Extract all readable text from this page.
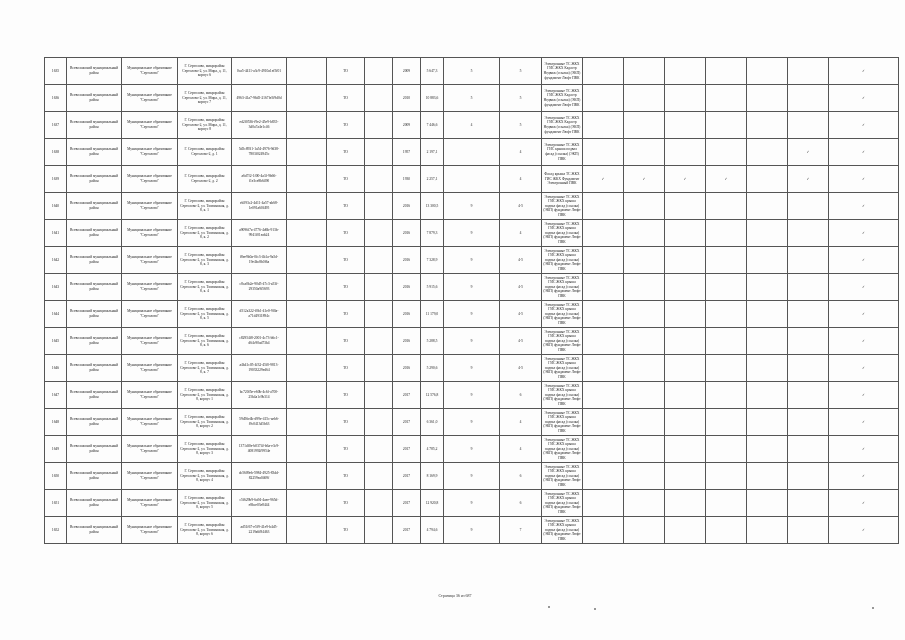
1635	Всеволожский муниципальный район	Муниципальное образование "Сертолово"	Г. Сертолово, микрорайон Сертолово-2, ул. Мира, д. 11, корпус 6	0ca5-4411-a3c9-4910a1ef5f01		ТО		2009	5 647,3	5	5	Электронные ТС ЖКХ ГИС ЖКХ Кадастр Недвиж (ссылка) (ЭКП) фундамент Люфт ПВК							✓
1636	Всеволожский муниципальный район	Муниципальное образование "Сертолово"	Г. Сертолово, микрорайон Сертолово-2, ул. Мира, д. 11, корпус 7	4963-41a7-96d5-2167fe5f9d0d		ТО		2010	10 883,6	5	5	Электронные ТС ЖКХ ГИС ЖКХ Кадастр Недвиж (ссылка) (ЭКП) фундамент Люфт ПВК							✓
1637	Всеволожский муниципальный район	Муниципальное образование "Сертолово"	Г. Сертолово, микрорайон Сертолово-2, ул. Мира, д. 11, корпус 8	ed2f0536-f9e2-45e9-b835-3d0a7a4e1c46		ТО		2009	7 446,6	4	5	Электронные ТС ЖКХ ГИС ЖКХ Кадастр Недвиж (ссылка) (ЭКП) фундамент Люфт ПВК							✓
1638	Всеволожский муниципальный район	Муниципальное образование "Сертолово"	Г. Сертолово, микрорайон Сертолово-2, д. 1	5d5c8931-1a54-4976-9d38-7803f024945c		ТО		1957	2 197,1		4	Электронные ТС ЖКХ ГИС крыша подвал фасад (ссылка) (ЭКП) ПВК						✓	✓
1639	Всеволожский муниципальный район	Муниципальное образование "Сертолово"	Г. Сертолово, микрорайон Сертолово-2, д. 2	a6d7f2-1f00-4a3f-9b66-f1e3ce8b6490		ТО		1930	2 257,1		4	Фасад крыша ТС ЖКХ ГИС ЖКХ Фундамент Электронный ПВК	✓	✓	✓	✓		✓	✓
1640	Всеволожский муниципальный район	Муниципальное образование "Сертолово"	Г. Сертолово, микрорайон Сертолово-2, ул. Тихвинская, д. 8, к. 1	eb593c2-4d11-4a57-ab68-1e091a60f495		ТО		2016	13 300,5	9	4-5	Электронные ТС ЖКХ ГИС ЖКХ крыша подвал фасад (ссылка) (ЭКП) фундамент Люфт ПВК							✓
1641	Всеволожский муниципальный район	Муниципальное образование "Сертолово"	Г. Сертолово, микрорайон Сертолово-2, ул. Тихвинская, д. 8, к. 2	a9096f7a-4776-4d6b-913b-9941f01eab24		ТО		2016	7 879,3	9	4	Электронные ТС ЖКХ ГИС ЖКХ крыша подвал фасад (ссылка) (ЭКП) фундамент Люфт ПВК							✓
1642	Всеволожский муниципальный район	Муниципальное образование "Сертолово"	Г. Сертолово, микрорайон Сертолово-2, ул. Тихвинская, д. 8, к. 3	f8ee9b0a-0fc3-4b1a-9a5d-19e4bc8b0f6a		ТО		2016	7 328,9	9	4-5	Электронные ТС ЖКХ ГИС ЖКХ крыша подвал фасад (ссылка) (ЭКП) фундамент Люфт ПВК							✓
1643	Всеволожский муниципальный район	Муниципальное образование "Сертолово"	Г. Сертолово, микрорайон Сертолово-2, ул. Тихвинская, д. 8, к. 4	c8ca0b2e-90d5-47c3-a53f-29350a9f5693		ТО		2016	5 915,6	9	4-5	Электронные ТС ЖКХ ГИС ЖКХ крыша подвал фасад (ссылка) (ЭКП) фундамент Люфт ПВК							✓
1644	Всеволожский муниципальный район	Муниципальное образование "Сертолово"	Г. Сертолово, микрорайон Сертолово-2, ул. Тихвинская, д. 8, к. 5	d512a322-f0b1-41e0-9f0a-a71d4931894c		ТО		2016	11 179,0	9	4-5	Электронные ТС ЖКХ ГИС ЖКХ крыша подвал фасад (ссылка) (ЭКП) фундамент Люфт ПВК							✓
1645	Всеволожский муниципальный район	Муниципальное образование "Сертолово"	Г. Сертолово, микрорайон Сертолово-2, ул. Тихвинская, д. 8, к. 6	c82954f8-2001-4c73-b6c1-d64c90ad73b4		ТО		2016	5 288,5	9	4-5	Электронные ТС ЖКХ ГИС ЖКХ крыша подвал фасад (ссылка) (ЭКП) фундамент Люфт ПВК							✓
1646	Всеволожский муниципальный район	Муниципальное образование "Сертолово"	Г. Сертолово, микрорайон Сертолово-2, ул. Тихвинская, д. 8, к. 7	a4b41c05-4f32-45f0-9813-19033229ed64		ТО		2016	5 290,6	9	4-5	Электронные ТС ЖКХ ГИС ЖКХ крыша подвал фасад (ссылка) (ЭКП) фундамент Люфт ПВК							✓
1647	Всеволожский муниципальный район	Муниципальное образование "Сертолово"	Г. Сертолово, микрорайон Сертолово-2, ул. Тихвинская, д. 8, корпус 1	bc720f5e-e60b-4c6f-a700-25b4a1c9b314		ТО		2017	12 576,8	9	6	Электронные ТС ЖКХ ГИС ЖКХ крыша подвал фасад (ссылка) (ЭКП) фундамент Люфт ПВК							✓
1648	Всеволожский муниципальный район	Муниципальное образование "Сертолово"	Г. Сертолово, микрорайон Сертолово-2, ул. Тихвинская, д. 8, корпус 2	59d56e4b-d99e-415c-aeb6-f9c0413d5b63		ТО		2017	6 361,0	9	4	Электронные ТС ЖКХ ГИС ЖКХ крыша подвал фасад (ссылка) (ЭКП) фундамент Люфт ПВК							✓
1649	Всеволожский муниципальный район	Муниципальное образование "Сертолово"	Г. Сертолово, микрорайон Сертолово-2, ул. Тихвинская, д. 8, корпус 3	1371df0e-b0374f-b6a-e3c9-4081992f9954e		ТО		2017	4 785,2	9	4	Электронные ТС ЖКХ ГИС ЖКХ крыша подвал фасад (ссылка) (ЭКП) фундамент Люфт ПВК							✓
1650	Всеволожский муниципальный район	Муниципальное образование "Сертолово"	Г. Сертолово, микрорайон Сертолово-2, ул. Тихвинская, д. 8, корпус 4	dc5609eb-5984-4925-83dd-82259ea0469f		ТО		2017	8 169,9	9	6	Электронные ТС ЖКХ ГИС ЖКХ крыша подвал фасад (ссылка) (ЭКП) фундамент Люфт ПВК							✓
1651	Всеволожский муниципальный район	Муниципальное образование "Сертолово"	Г. Сертолово, микрорайон Сертолово-2, ул. Тихвинская, д. 8, корпус 5	c5f629b9-6a94-4aee-965d-e8bce03e8444		ТО		2017	12 920,8	9	6	Электронные ТС ЖКХ ГИС ЖКХ крыша подвал фасад (ссылка) (ЭКП) фундамент Люфт ПВК							✓
1652	Всеволожский муниципальный район	Муниципальное образование "Сертолово"	Г. Сертолово, микрорайон Сертолово-2, ул. Тихвинская, д. 8, корпус 6	ad51f67-e5f9-41e9-b4d5-2219a6f84463		ТО		2017	4 794,6	9	7	Электронные ТС ЖКХ ГИС ЖКХ крыша подвал фасад (ссылка) (ЭКП) фундамент Люфт ПВК							✓
Страница 36 из 687
